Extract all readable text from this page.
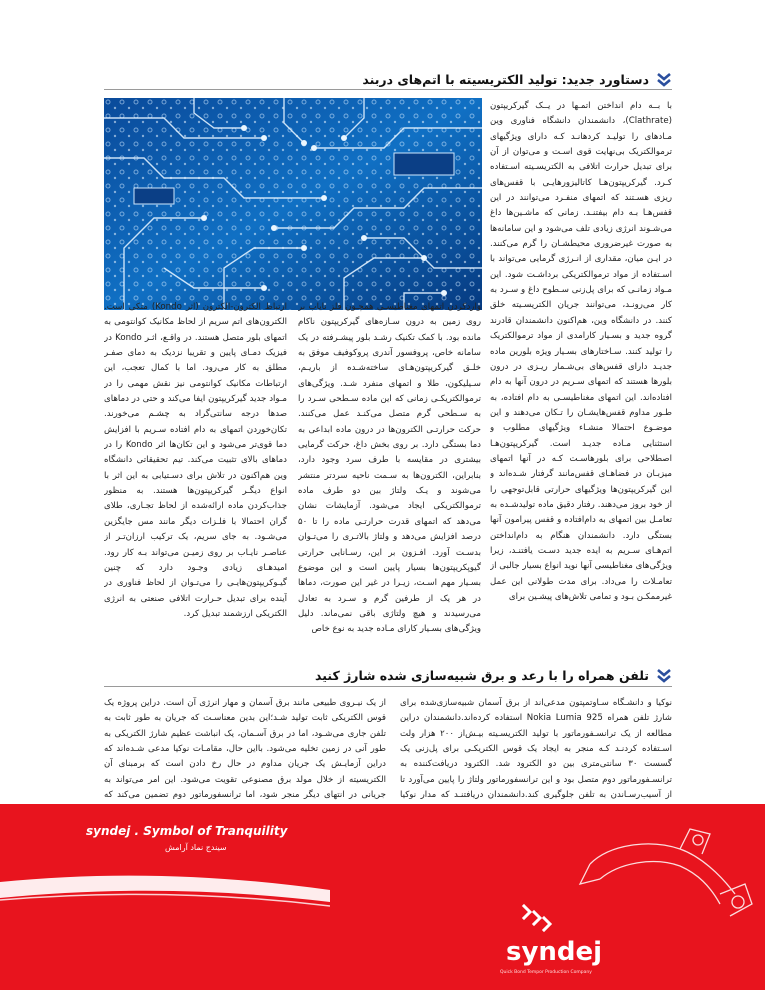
دستاورد جدید: تولید الکتریسیته با اتم‌های دربند

با بــه دام انداختن اتمـها در یــک گیرکریپتون (Clathrate)، دانشمندان دانشگاه فناوری وین مـادهای را تولیـد کردهانـد کـه دارای ویژگیهای ترموالکتریک بی‌نهایت قوی اسـت و می‌توان از آن برای تبدیل حرارت اتلافی به الکتریسـیته اسـتفاده کـرد. گیرکریپتون‌هـا کاتالیزورهایـی با قفس‌های ریزی هسـتند که اتمهای منفـرد می‌توانند در این قفس‌هـا بـه دام بیفتنـد. زمانی که ماشـین‌ها داغ می‌شـوند انرژی زیادی تلف می‌شود و این سامانه‌ها به صورت غیرضروری محیطشـان را گرم می‌کنند. در ایـن میان، مقداری از انـرژی گرمایی می‌تواند با اسـتفاده از مواد ترموالکتریکی برداشـت شود. این مـواد زمانـی که برای پل‌زنی سـطوح داغ و سـرد به کار می‌رونـد، می‌توانند جریان الکتریسـیته خلق کنند. در دانشگاه وین، هم‌اکنون دانشمندان قادرند گروه جدید و بسـیار کارامدی از مواد ترموالکتریک را تولید کنند. سـاختارهای بسـیار ویژه بلورین ماده جدیـد دارای قفس‌های بی‌شـمار ریـزی در درون بلورها هستند که اتمهای سـریم در درون آنها به دام افتاده‌اند. این اتمهای مغناطیسـی به دام افتاده، به طـور مداوم قفس‌هایشـان را تـکان می‌دهند و این موضـوع احتمالا منشـاء ویژگیهای مطلوب و استثنایی مـاده جدیـد است. گیرکریپتون‌هـا اصطلاحی برای بلورهاسـت کـه در آنها اتمهای میزبـان در فضاهـای قفس‌مانند گرفتار شـده‌اند و این گیرکریپتون‌ها ویژگیهای حرارتی قابل‌توجهی را از خود بروز می‌دهند. رفتار دقیق ماده تولیدشـده به تعامـل بین اتمهای به دام‌افتاده و قفس پیرامون آنها بستگی دارد. دانشمندان هنگام به دام‌انداختن اتم‌هـای سـریم به ایده جدید دسـت یافتنـد، زیرا ویژگی‌های مغناطیسی آنها نوید انواع بسیار جالبی از تعامـلات را می‌داد. برای مدت طولانی این عمل غیرممکـن بـود و تمامی تلاش‌های پیشـین برای

واردکردن اتمهای مغناطیسـی همچـون فلز نایاب بر روی زمین به درون سـازه‌های گیرکریپتون ناکام مانده بود. با کمک تکنیک رشـد بلور پیشـرفته در یک سامانه خاص، پروفسور آندری پروکوفیف موفق به خلـق گیرکریپتون‌هـای ساخته‌شـده از باریـم، سـیلیکون، طلا و اتمهای منفرد شـد. ویژگی‌های ترموالکتریکـی زمانی که این ماده سـطحی سـرد را به سـطحی گرم متصل می‌کنـد عمل می‌کنند. حرکت حرارتـی الکترون‌ها در درون ماده ابداعی به دما بستگی دارد. بر روی بخش داغ، حرکت گرمایی بیشتری در مقایسه با طرف سرد وجود دارد، بنابراین، الکترون‌ها به سـمت ناحیه سرد‌تر منتشر می‌شوند و یـک ولتاژ بین دو طرف ماده ترموالکتریکی ایجاد می‌شود. آزمایشات نشان می‌دهد که اتمهای قدرت حرارتـی ماده را تا ۵۰ درصد افزایش می‌دهد و ولتاژ بالاتـری را می‌تـوان بدسـت آورد. افـزون بر این، رسـانایی حرارتی گیوپکریپتون‌ها بسیار پایین است و این موضوع بسـیار مهم اسـت، زیـرا در غیر این صورت، دماها در هر یک از طرفین گرم و سـرد به تعادل می‌رسیدند و هیچ ولتاژی باقی نمی‌ماند. دلیل ویژگی‌های بسـیار کارای مـاده جدید به نوع خاص

ارتباط الکترون-الکترون (اثر Kondo) متکی است. الکترون‌های اتم سریم از لحاظ مکانیک کوانتومی به اتمهای بلور متصل هستند. در واقـع، اثـر Kondo در فیزیک دمـای پایین و تقریبا نزدیک به دمای صفـر مطلق به کار می‌رود. اما با کمال تعجب، این ارتباطات مکانیک کوانتومی نیز نقش مهمی را در مـواد جدید گیرکریپتون ایفا می‌کند و حتی در دماهای صدها درجه سانتی‌گراد به چشـم می‌خورند. تکان‌خوردن اتمهای به دام افتاده سـریم با افزایش دما قوی‌تر می‌شود و این تکان‌ها اثر Kondo را در دماهای بالای تثبیت می‌کند. تیم تحقیقاتی دانشگاه وین هم‌اکنون در تلاش برای دسـتیابی به این اثر با انواع دیگـر گیرکریپتون‌ها هستند. به منظور جذاب‌کردن ماده ارائه‌شده از لحاظ تجـاری، طلای گران احتمالا با فلـزات دیگر مانند مس جایگزین می‌شـود. به جای سریم، یک ترکیب ارزان‌تـر از عناصـر نایـاب بر روی زمیـن می‌تواند بـه کار رود. امیدهـای زیادی وجـود دارد که چنین گیـوکریپتون‌هایـی را می‌تـوان از لحاظ فناوری در آینده برای تبدیل حـرارت اتلافی صنعتی به انرژی الکتریکی ارزشمند تبدیل کرد.

تلفن همراه را با رعد و برق شبیه‌سازی شده شارژ کنید

نوکیا و دانشـگاه سـاوتمپتون مدعی‌اند از برق آسمان شبیه‌سازی‌شده برای شارژ تلفن همراه Nokia Lumia 925 استفاده کرده‌اند.دانشمندان دراین مطالعه از یک ترانسـفورماتور با تولید الکتریسـیته بیـش‌از ۲۰۰ هزار ولت اسـتفاده کردنـد کـه منجر به ایجاد یک قوس الکتریکـی برای پل‌زنی یک گسست ۳۰ سانتی‌متری بین دو الکترود شد. الکترود دریافت‌کننده به ترانسـفورماتور دوم متصل بود و این ترانسفورماتور ولتاژ را پایین می‌آورد تا از آسیب‌رسـاندن به تلفن جلوگیری کند.دانشمندان دریافتنـد که مدار نوکیا

از یک نیـروی طبیعی مانند برق آسمان و مهار انرژی آن است. دراین پروژه یک قوس الکتریکی ثابت تولید شـد؛این بدین معناسـت که جریان به طور ثابت به تلفن جاری می‌شـود، اما در برق آسـمان، یک انباشت عظیم شارژ الکتریکی به طور آنی در زمین تخلیه می‌شود. بااین حال، مقامـات نوکیا مدعی شـده‌اند که دراین آزمایـش یک جریان مداوم در حال رخ دادن است که برمبنای آن الکتریسیته از خلال مولد برق مصنوعی تقویت می‌شود. این امر می‌تواند به جریانی در انتهای دیگر منجر شود، اما ترانسفورماتور دوم تضمین می‌کند که

syndej . Symbol of Tranquility
سیندج نماد آرامش
syndej
Quick Bond Tempor Production Company
